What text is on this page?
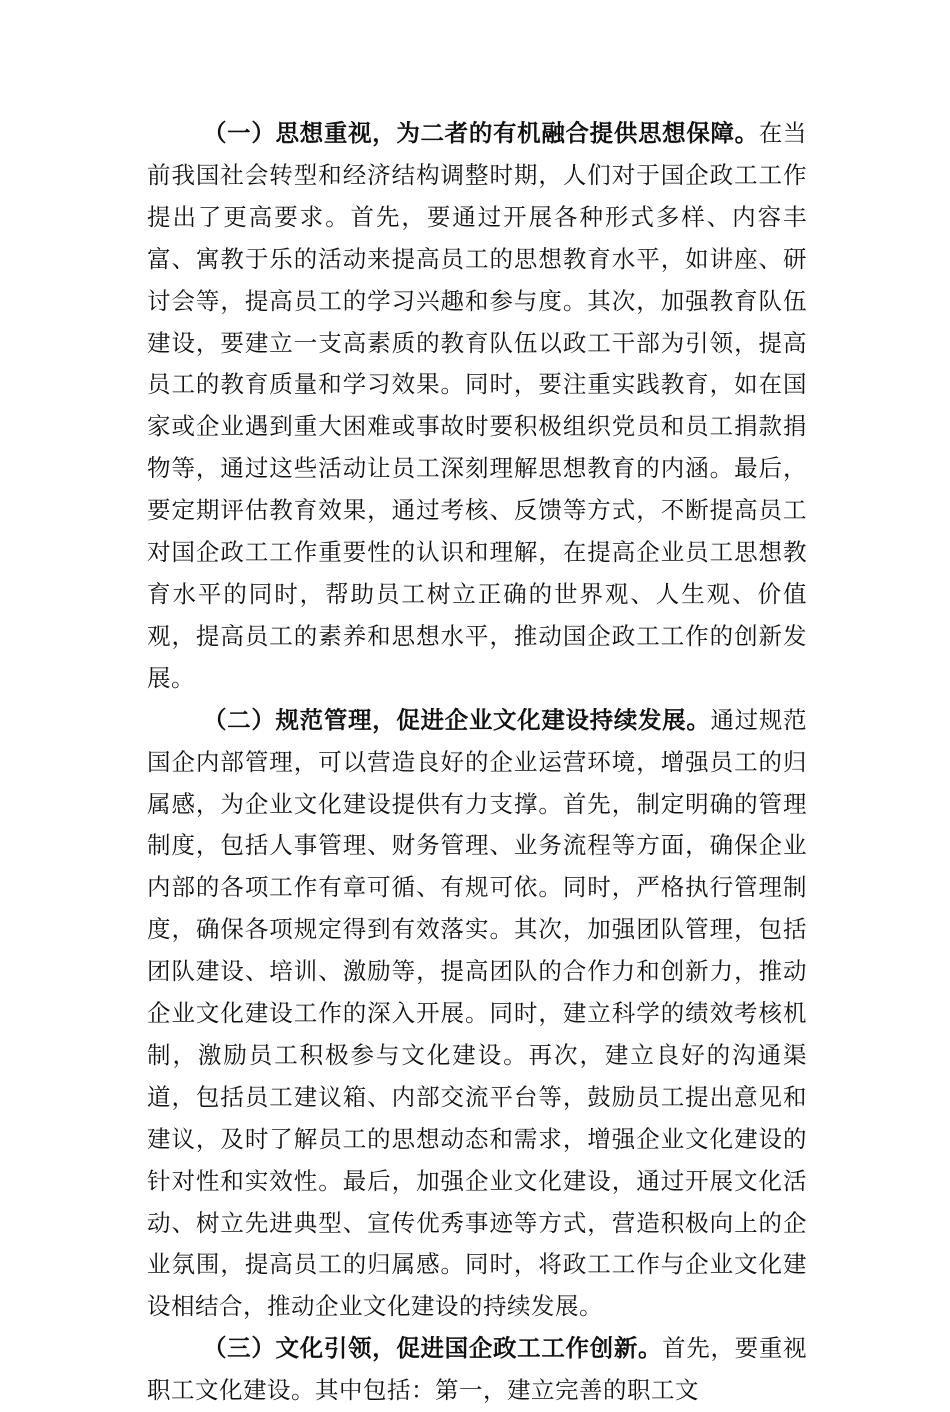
（一）思想重视，为二者的有机融合提供思想保障。在当前我国社会转型和经济结构调整时期，人们对于国企政工工作提出了更高要求。首先，要通过开展各种形式多样、内容丰富、寓教于乐的活动来提高员工的思想教育水平，如讲座、研讨会等，提高员工的学习兴趣和参与度。其次，加强教育队伍建设，要建立一支高素质的教育队伍以政工干部为引领，提高员工的教育质量和学习效果。同时，要注重实践教育，如在国家或企业遇到重大困难或事故时要积极组织党员和员工捐款捐物等，通过这些活动让员工深刻理解思想教育的内涵。最后，要定期评估教育效果，通过考核、反馈等方式，不断提高员工对国企政工工作重要性的认识和理解，在提高企业员工思想教育水平的同时，帮助员工树立正确的世界观、人生观、价值观，提高员工的素养和思想水平，推动国企政工工作的创新发展。

（二）规范管理，促进企业文化建设持续发展。通过规范国企内部管理，可以营造良好的企业运营环境，增强员工的归属感，为企业文化建设提供有力支撑。首先，制定明确的管理制度，包括人事管理、财务管理、业务流程等方面，确保企业内部的各项工作有章可循、有规可依。同时，严格执行管理制度，确保各项规定得到有效落实。其次，加强团队管理，包括团队建设、培训、激励等，提高团队的合作力和创新力，推动企业文化建设工作的深入开展。同时，建立科学的绩效考核机制，激励员工积极参与文化建设。再次，建立良好的沟通渠道，包括员工建议箱、内部交流平台等，鼓励员工提出意见和建议，及时了解员工的思想动态和需求，增强企业文化建设的针对性和实效性。最后，加强企业文化建设，通过开展文化活动、树立先进典型、宣传优秀事迹等方式，营造积极向上的企业氛围，提高员工的归属感。同时，将政工工作与企业文化建设相结合，推动企业文化建设的持续发展。

（三）文化引领，促进国企政工工作创新。首先，要重视职工文化建设。其中包括：第一，建立完善的职工文
